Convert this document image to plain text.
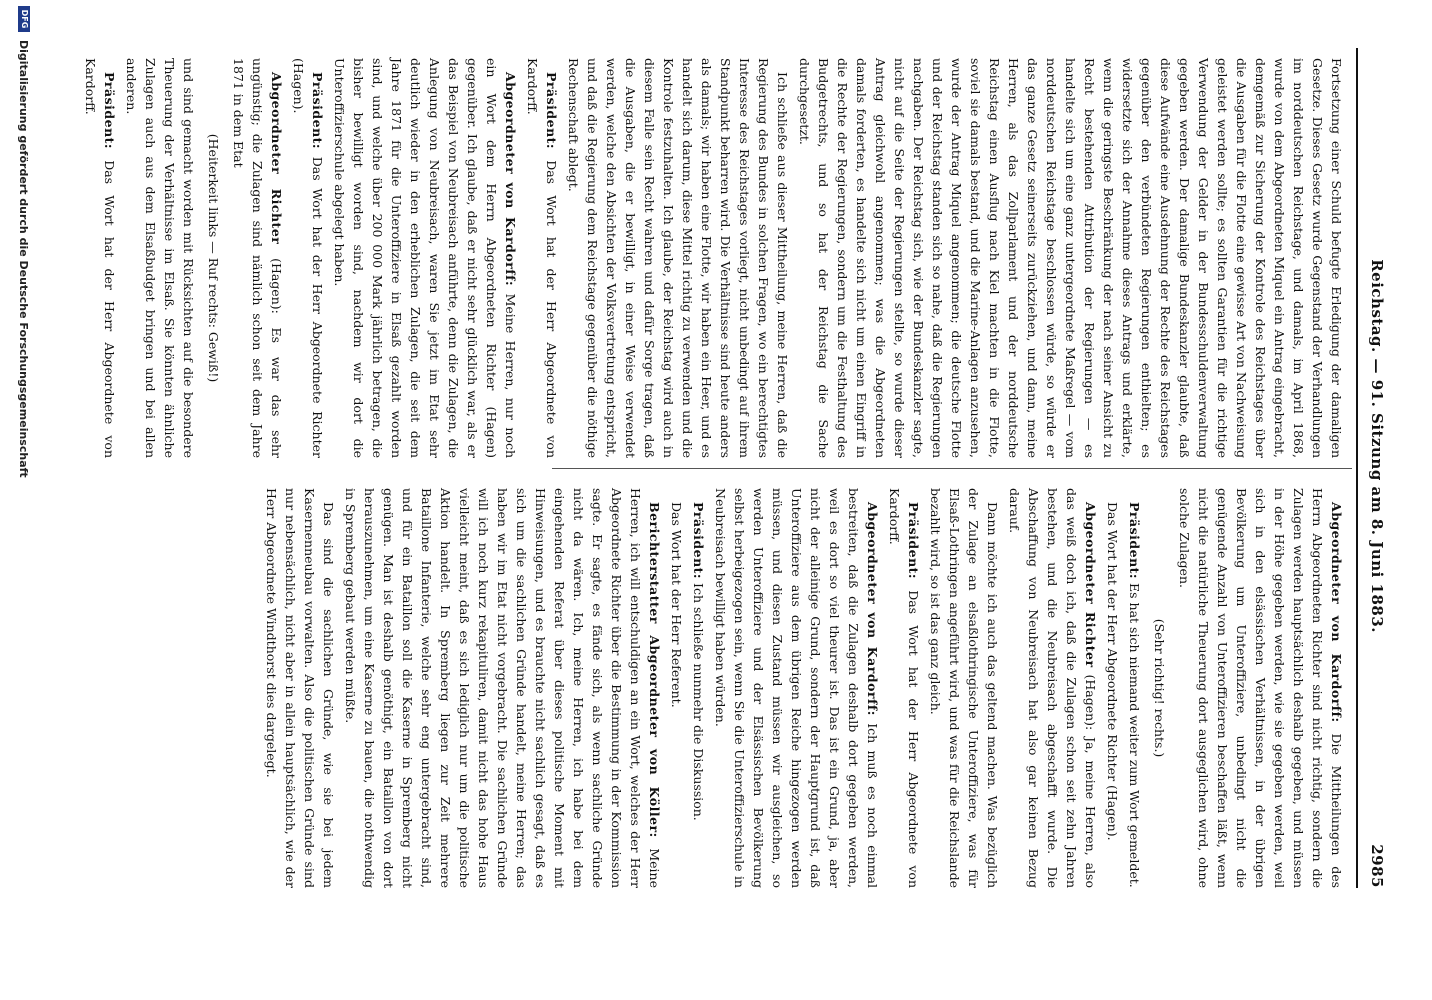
Reichstag. — 91. Sitzung am 8. Juni 1883.
2985

Fortsetzung einer Schuld befugte Erledigung der damaligen Gesetze. Dieses Gesetz wurde Gegenstand der Verhandlungen im norddeutschen Reichstage, und damals, im April 1868, wurde von dem Abgeordneten Miquel ein Antrag eingebracht, demgemäß zur Sicherung der Kontrole des Reichstages über die Ausgaben für die Flotte eine gewisse Art von Nachweisung geleistet werden sollte; es sollten Garantien für die richtige Verwendung der Gelder in der Bundesschuldenverwaltung gegeben werden. Der damalige Bundeskanzler glaubte, daß diese Aufwände eine Ausdehnung der Rechte des Reichstages gegenüber den verbündeten Regierungen enthielten; es widersetzte sich der Annahme dieses Antrags und erklärte, wenn die geringste Beschränkung der nach seiner Ansicht zu Recht bestehenden Attribution der Regierungen — es handelte sich um eine ganz untergeordnete Maßregel — vom norddeutschen Reichstage beschlossen würde, so würde er das ganze Gesetz seinerseits zurückziehen, und dann, meine Herren, als das Zollparlament und der norddeutsche Reichstag einen Ausflug nach Kiel machten in die Flotte, soviel sie damals bestand, und die Marine-Anlagen anzusehen, wurde der Antrag Miquel angenommen; die deutsche Flotte und der Reichstag standen sich so nahe, daß die Regierungen nachgaben. Der Reichstag sich, wie der Bundeskanzler sagte, nicht auf die Seite der Regierungen stellte, so wurde dieser Antrag gleichwohl angenommen; was die Abgeordneten damals forderten, es handelte sich nicht um einen Eingriff in die Rechte der Regierungen, sondern um die Festhaltung des Budgetrechts, und so hat der Reichstag die Sache durchgesetzt.

Ich schließe aus dieser Mittheilung, meine Herren, daß die Regierung des Bundes in solchen Fragen, wo ein berechtigtes Interesse des Reichstages vorliegt, nicht unbedingt auf ihrem Standpunkt beharren wird. Die Verhältnisse sind heute anders als damals; wir haben eine Flotte, wir haben ein Heer, und es handelt sich darum, diese Mittel richtig zu verwenden und die Kontrole festzuhalten. Ich glaube, der Reichstag wird auch in diesem Falle sein Recht wahren und dafür Sorge tragen, daß die Ausgaben, die er bewilligt, in einer Weise verwendet werden, welche den Absichten der Volksvertretung entspricht, und daß die Regierung dem Reichstage gegenüber die nöthige Rechenschaft ablegt.

Präsident: Das Wort hat der Herr Abgeordnete von Kardorff.

Abgeordneter von Kardorff: Meine Herren, nur noch ein Wort dem Herrn Abgeordneten Richter (Hagen) gegenüber. Ich glaube, daß er nicht sehr glücklich war, als er das Beispiel von Neubreisach anführte, denn die Zulagen, die Anlegung von Neubreisach, waren Sie jetzt im Etat sehr deutlich wieder in den erheblichen Zulagen, die seit dem Jahre 1871 für die Unteroffiziere in Elsaß gezahlt worden sind, und welche über 200 000 Mark jährlich betragen, die bisher bewilligt worden sind, nachdem wir dort die Unteroffizierschule abgelegt haben.

Präsident: Das Wort hat der Herr Abgeordnete Richter (Hagen).

Abgeordneter Richter (Hagen): Es war das sehr ungünstig; die Zulagen sind nämlich schon seit dem Jahre 1871 in dem Etat

(Heiterkeit links — Ruf rechts: Gewiß!)

und sind gemacht worden mit Rücksichten auf die besondere Theuerung der Verhältnisse im Elsaß. Sie könnten ähnliche Zulagen auch aus dem Elsaßbudget bringen und bei allen anderen.

Präsident: Das Wort hat der Herr Abgeordnete von Kardorff.

Abgeordneter von Kardorff: Die Mittheilungen des Herrn Abgeordneten Richter sind nicht richtig, sondern die Zulagen werden hauptsächlich deshalb gegeben, und müssen in der Höhe gegeben werden, wie sie gegeben werden, weil sich in den elsässischen Verhältnissen, in der übrigen Bevölkerung um Unteroffiziere, unbedingt nicht die genügende Anzahl von Unteroffizieren beschaffen läßt, wenn nicht die natürliche Theuerung dort ausgeglichen wird, ohne solche Zulagen.

(Sehr richtig! rechts.)

Präsident: Es hat sich niemand weiter zum Wort gemeldet.

Das Wort hat der Herr Abgeordnete Richter (Hagen).

Abgeordneter Richter (Hagen): Ja, meine Herren, also das weiß doch ich, daß die Zulagen schon seit zehn Jahren bestehen, und die Neubreisach abgeschafft wurde. Die Abschaffung von Neubreisach hat also gar keinen Bezug darauf.

Dann möchte ich auch das geltend machen. Was bezüglich der Zulage an elsaßlothringische Unteroffiziere, was für Elsaß-Lothringen angeführt wird, und was für die Reichslande bezahlt wird, so ist das ganz gleich.

Präsident: Das Wort hat der Herr Abgeordnete von Kardorff.

Abgeordneter von Kardorff: Ich muß es noch einmal bestreiten, daß die Zulagen deshalb dort gegeben werden, weil es dort so viel theurer ist. Das ist ein Grund, ja, aber nicht der alleinige Grund, sondern der Hauptgrund ist, daß Unteroffiziere aus dem übrigen Reiche hingezogen werden müssen, und diesen Zustand müssen wir ausgleichen, so werden Unteroffiziere und der Elsässischen Bevölkerung selbst herbeigezogen sein, wenn Sie die Unteroffizierschule in Neubreisach bewilligt haben würden.

Präsident: Ich schließe nunmehr die Diskussion.

Das Wort hat der Herr Referent.

Berichterstatter Abgeordneter von Köller: Meine Herren, ich will entschuldigen an ein Wort, welches der Herr Abgeordnete Richter über die Bestimmung in der Kommission sagte. Er sagte, es fände sich, als wenn sachliche Gründe nicht da wären. Ich, meine Herren, ich habe bei dem eingehenden Referat über dieses politische Moment mit Hinweisungen, und es brauchte nicht sachlich gesagt, daß es sich um die sachlichen Gründe handelt, meine Herren; das haben wir im Etat nicht vorgebracht. Die sachlichen Gründe will ich noch kurz rekapituliren, damit nicht das hohe Haus vielleicht meint, daß es sich lediglich nur um die politische Aktion handelt. In Spremberg liegen zur Zeit mehrere Bataillone Infanterie, welche sehr eng untergebracht sind, und für ein Bataillon soll die Kaserne in Spremberg nicht genügen. Man ist deshalb genöthigt, ein Bataillon von dort herauszunehmen, um eine Kaserne zu bauen, die nothwendig in Spremberg gebaut werden müßte.

Das sind die sachlichen Gründe, wie sie bei jedem Kasernenneubau vorwalten. Also die politischen Gründe sind nur nebensächlich, nicht aber in allein hauptsächlich, wie der Herr Abgeordnete Windthorst dies dargelegt.

DFG
Digitalisierung gefördert durch die Deutsche Forschungsgemeinschaft
